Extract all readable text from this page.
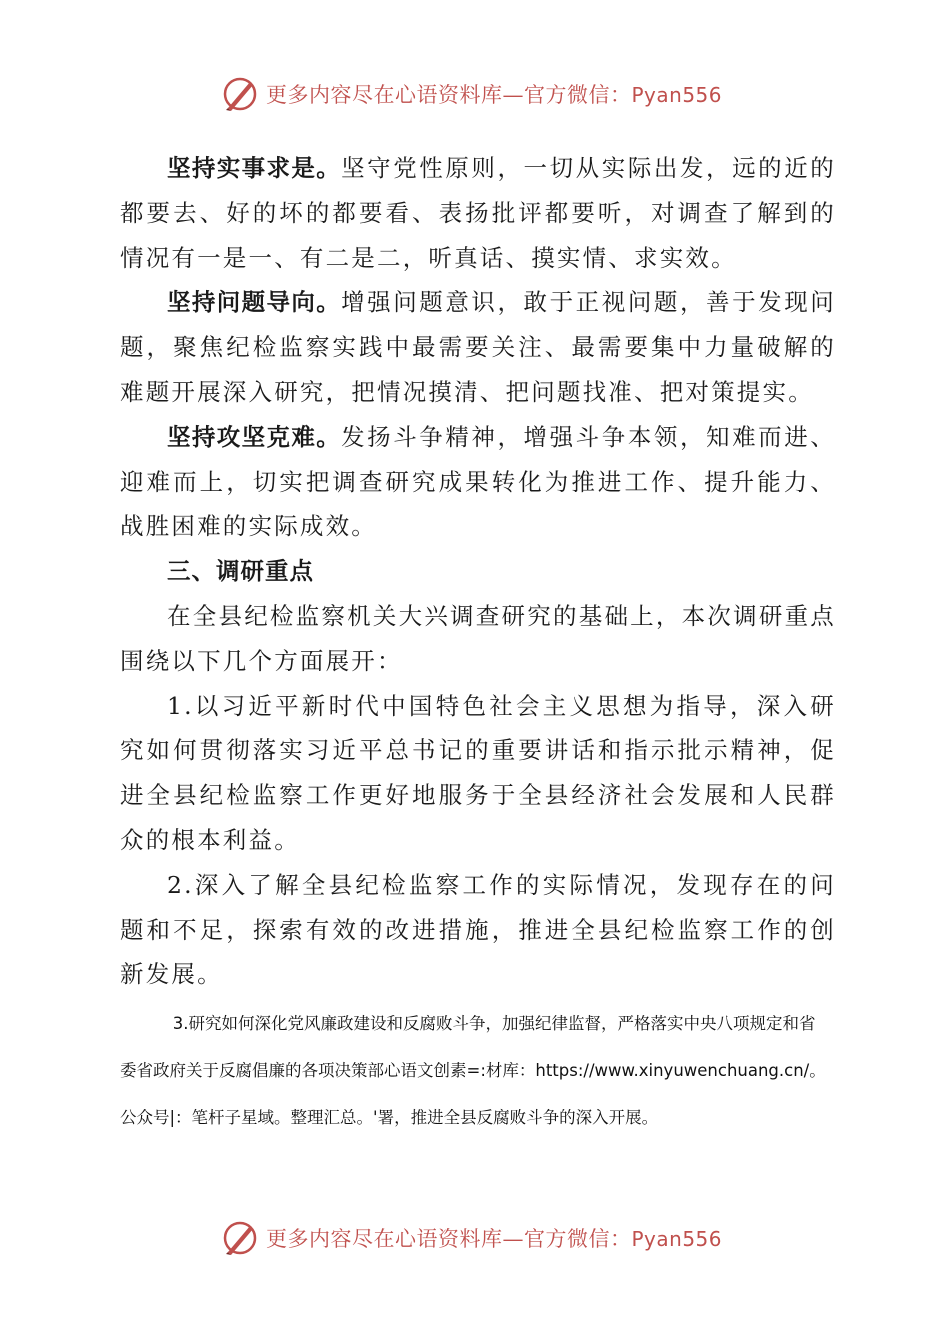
更多内容尽在心语资料库—官方微信：Pyan556

坚持实事求是。坚守党性原则，一切从实际出发，远的近的都要去、好的坏的都要看、表扬批评都要听，对调查了解到的情况有一是一、有二是二，听真话、摸实情、求实效。

坚持问题导向。增强问题意识，敢于正视问题，善于发现问题，聚焦纪检监察实践中最需要关注、最需要集中力量破解的难题开展深入研究，把情况摸清、把问题找准、把对策提实。

坚持攻坚克难。发扬斗争精神，增强斗争本领，知难而进、迎难而上，切实把调查研究成果转化为推进工作、提升能力、战胜困难的实际成效。

三、调研重点

在全县纪检监察机关大兴调查研究的基础上，本次调研重点围绕以下几个方面展开：

1.以习近平新时代中国特色社会主义思想为指导，深入研究如何贯彻落实习近平总书记的重要讲话和指示批示精神，促进全县纪检监察工作更好地服务于全县经济社会发展和人民群众的根本利益。

2.深入了解全县纪检监察工作的实际情况，发现存在的问题和不足，探索有效的改进措施，推进全县纪检监察工作的创新发展。

3.研究如何深化党风廉政建设和反腐败斗争，加强纪律监督，严格落实中央八项规定和省委省政府关于反腐倡廉的各项决策部心语文创素=:材库：https://www.xinyuwenchuang.cn/。公众号|：笔杆子星域。整理汇总。'署，推进全县反腐败斗争的深入开展。

更多内容尽在心语资料库—官方微信：Pyan556
